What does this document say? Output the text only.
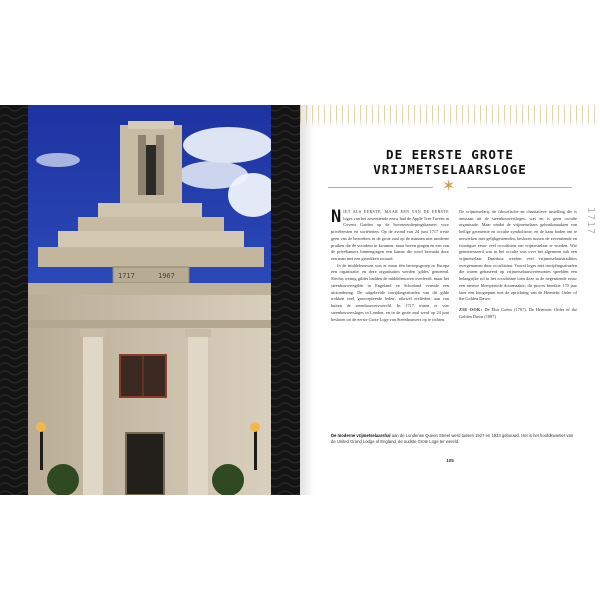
1717	1967
DE EERSTE GROTE
VRIJMETSELAARSLOGE
✶
1717

NIET ALS EERSTE, MAAR EEN VAN DE EERSTE loges van het zeventiende eeuw had de Apple Tree Tavern in Covent Garden op de bovenverdiepingskamers voor privéfeesten en sociëteiten. Op de avond van 24 juni 1717 trette geen van de bezoekers in de grote zaal op de mannen met moderne pruiken die de voordeur in kwamen, maar boven gingen en een van de privékamers binnengingen een kamer die werd bewaakt door een man met een getrokken zwaard.

In de middeleeuwen was er maar één beroepsgroep in Europa een organisatie, en deze organisaties werden 'gildes' genoemd. Slechts weinig gildes hadden de middeleeuwen overleefd, maar het steenhouwersgilde in Engeland en Schotland vormde een uitzondering. De uitgebreide inwijdingsrituelen van dit gilde trokken veel 'geaccepteerde leden', oftewel erelieden, aan van buiten de steenhouwerswereld. In 1717 waren er vier steenhouwersloges in Londen, en in de grote zaal werd op 24 juni besloten tot de eerste Grote Loge van Steenhouwers op te richten.

De vrijmetselarij, de filosofische en charitatieve instelling die is ontstaan uit de steenhouwersloges, was en is geen occulte organisatie. Maar omdat de vrijmetselaars gebruikmaakten van heilige geometrie en occulte symbolisme, en de kans boden om te netwerken met gelijkgestemden, besloten tussen de zeventiende en twintigste eeuw veel occultisten om vrijmetselaar te worden. Wie geïnteresseerd was in het occulte was over het algemeen ook een vrijmetselaar. Daardoor werden veel vrijmetselaarstradities overgenomen door occultisten. Vooral loges met inwijdingsrituelen die waren gebaseerd op vrijmetselaarsceremonies speelden een belangrijke rol in het occultisme toen deze in de negentiende eeuw een nieuwe bloeiperiode doormaakte; dit proces bereikte 170 jaar later een hoogtepunt met de oprichting van de Hermetic Order of the Golden Dawn.

ZIE OOK: De Élus Coëns (1767), De Hermetic Order of the Golden Dawn (1887)
De moderne vrijmetselaarshal aan de Londense Queen Street werd tussen 1927 en 1933 gebouwd. Het is het hoofdkwartier van de United Grand Lodge of England, de oudste Grote Loge ter wereld.
105
